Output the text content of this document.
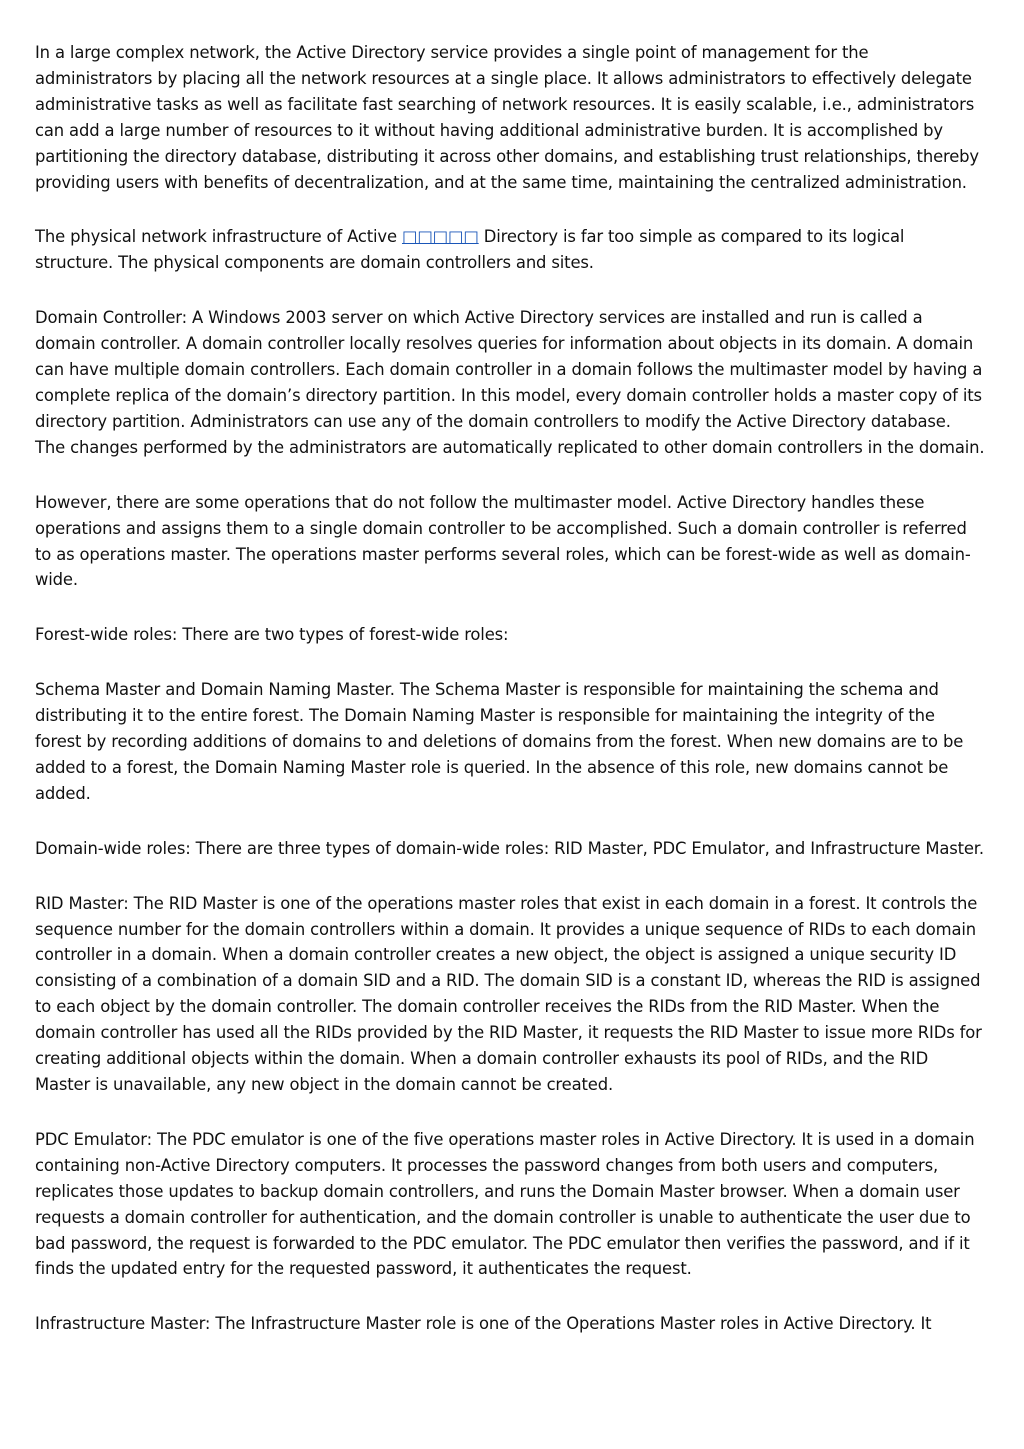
In a large complex network, the Active Directory service provides a single point of management for the administrators by placing all the network resources at a single place. It allows administrators to effectively delegate administrative tasks as well as facilitate fast searching of network resources. It is easily scalable, i.e., administrators can add a large number of resources to it without having additional administrative burden. It is accomplished by partitioning the directory database, distributing it across other domains, and establishing trust relationships, thereby providing users with benefits of decentralization, and at the same time, maintaining the centralized administration.

The physical network infrastructure of Active □□□□□ Directory is far too simple as compared to its logical structure. The physical components are domain controllers and sites.

Domain Controller: A Windows 2003 server on which Active Directory services are installed and run is called a domain controller. A domain controller locally resolves queries for information about objects in its domain. A domain can have multiple domain controllers. Each domain controller in a domain follows the multimaster model by having a complete replica of the domain’s directory partition. In this model, every domain controller holds a master copy of its directory partition. Administrators can use any of the domain controllers to modify the Active Directory database. The changes performed by the administrators are automatically replicated to other domain controllers in the domain.

However, there are some operations that do not follow the multimaster model. Active Directory handles these operations and assigns them to a single domain controller to be accomplished. Such a domain controller is referred to as operations master. The operations master performs several roles, which can be forest-wide as well as domain-wide.

Forest-wide roles: There are two types of forest-wide roles:

Schema Master and Domain Naming Master. The Schema Master is responsible for maintaining the schema and distributing it to the entire forest. The Domain Naming Master is responsible for maintaining the integrity of the forest by recording additions of domains to and deletions of domains from the forest. When new domains are to be added to a forest, the Domain Naming Master role is queried. In the absence of this role, new domains cannot be added.

Domain-wide roles: There are three types of domain-wide roles: RID Master, PDC Emulator, and Infrastructure Master.

RID Master: The RID Master is one of the operations master roles that exist in each domain in a forest. It controls the sequence number for the domain controllers within a domain. It provides a unique sequence of RIDs to each domain controller in a domain. When a domain controller creates a new object, the object is assigned a unique security ID consisting of a combination of a domain SID and a RID. The domain SID is a constant ID, whereas the RID is assigned to each object by the domain controller. The domain controller receives the RIDs from the RID Master. When the domain controller has used all the RIDs provided by the RID Master, it requests the RID Master to issue more RIDs for creating additional objects within the domain. When a domain controller exhausts its pool of RIDs, and the RID Master is unavailable, any new object in the domain cannot be created.

PDC Emulator: The PDC emulator is one of the five operations master roles in Active Directory. It is used in a domain containing non-Active Directory computers. It processes the password changes from both users and computers, replicates those updates to backup domain controllers, and runs the Domain Master browser. When a domain user requests a domain controller for authentication, and the domain controller is unable to authenticate the user due to bad password, the request is forwarded to the PDC emulator. The PDC emulator then verifies the password, and if it finds the updated entry for the requested password, it authenticates the request.

Infrastructure Master: The Infrastructure Master role is one of the Operations Master roles in Active Directory. It
